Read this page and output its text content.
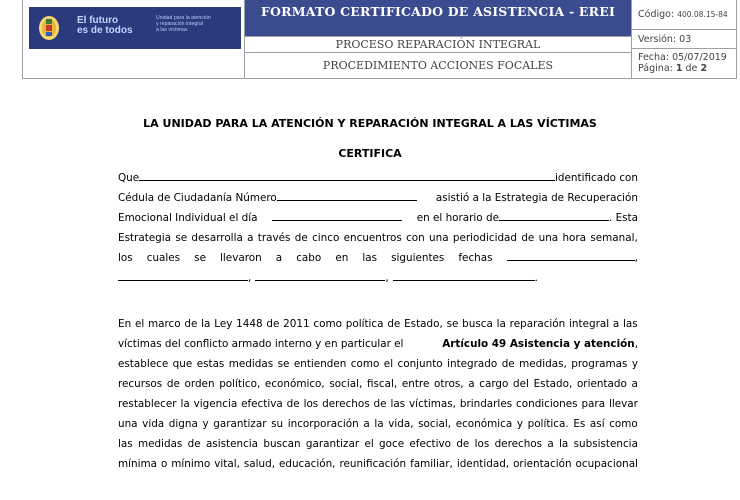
El futuro
es de todos
Unidad para la atención
y reparación integral
a las víctimas
FORMATO CERTIFICADO DE ASISTENCIA - EREI
PROCESO REPARACIÓN INTEGRAL
PROCEDIMIENTO ACCIONES FOCALES
Código: 400.08.15-84
Versión: 03
Fecha: 05/07/2019
Página: 1 de 2
LA UNIDAD PARA LA ATENCIÓN Y REPARACIÓN INTEGRAL A LAS VÍCTIMAS
CERTIFICA
Que	identificado con
Cédula de Ciudadanía Número	asistió a la Estrategia de Recuperación
Emocional Individual el día	en el horario de	. Esta
Estrategia se desarrolla a través de cinco encuentros con una periodicidad de una hora semanal,
los cuales se llevaron a cabo en las siguientes fechas	,
,	,	.
En el marco de la Ley 1448 de 2011 como política de Estado, se busca la reparación integral a las
víctimas del conflicto armado interno y en particular el	Artículo 49 Asistencia y atención,
establece que estas medidas se entienden como el conjunto integrado de medidas, programas y
recursos de orden político, económico, social, fiscal, entre otros, a cargo del Estado, orientado a
restablecer la vigencia efectiva de los derechos de las víctimas, brindarles condiciones para llevar
una vida digna y garantizar su incorporación a la vida, social, económica y política. Es así como
las medidas de asistencia buscan garantizar el goce efectivo de los derechos a la subsistencia
mínima o mínimo vital, salud, educación, reunificación familiar, identidad, orientación ocupacional
